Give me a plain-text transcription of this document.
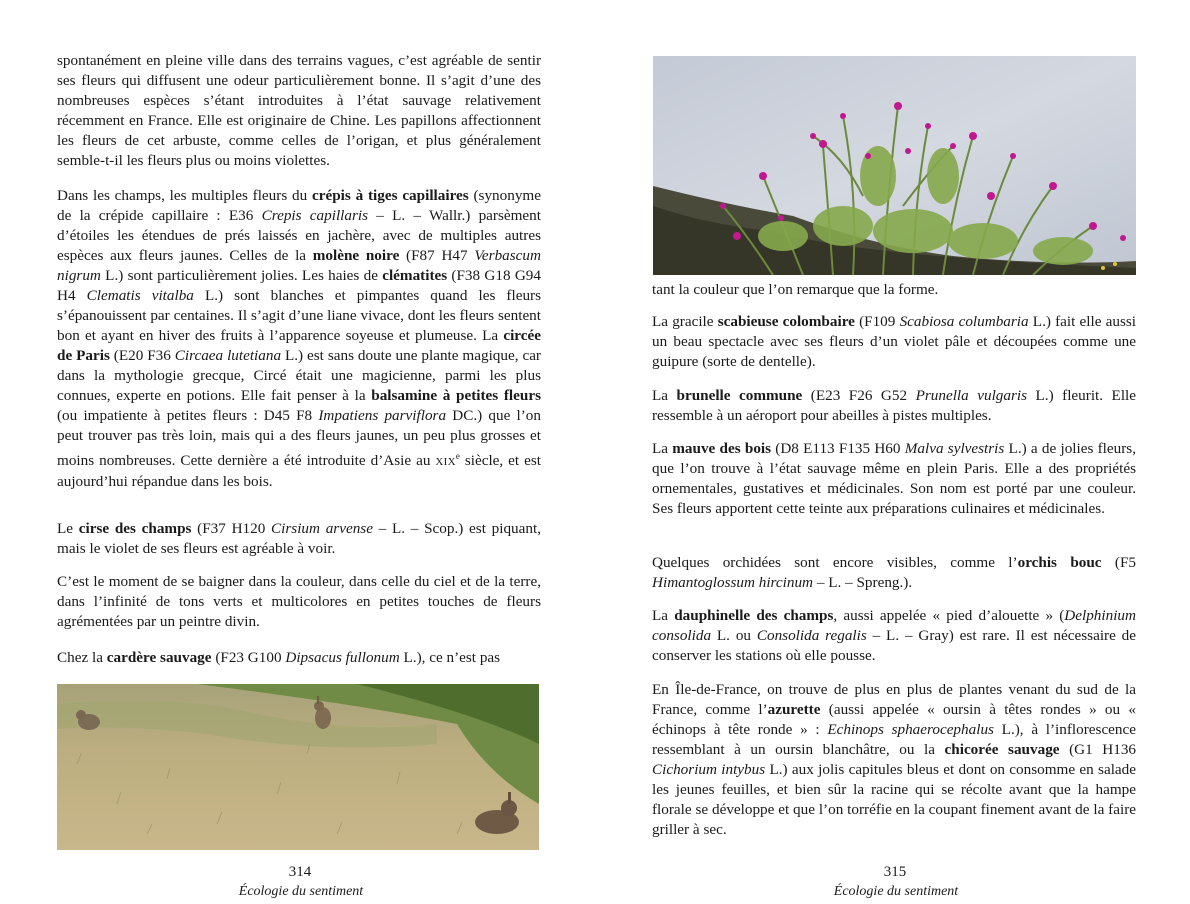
spontanément en pleine ville dans des terrains vagues, c’est agréable de sentir ses fleurs qui diffusent une odeur particulièrement bonne. Il s’agit d’une des nombreuses espèces s’étant introduites à l’état sauvage relativement récemment en France. Elle est originaire de Chine. Les papillons affectionnent les fleurs de cet arbuste, comme celles de l’origan, et plus généralement semble-t-il les fleurs plus ou moins violettes.

Dans les champs, les multiples fleurs du crépis à tiges capillaires (synonyme de la crépide capillaire : E36 Crepis capillaris – L. – Wallr.) parsèment d’étoiles les étendues de prés laissés en jachère, avec de multiples autres espèces aux fleurs jaunes. Celles de la molène noire (F87 H47 Verbascum nigrum L.) sont particulièrement jolies. Les haies de clématites (F38 G18 G94 H4 Clematis vitalba L.) sont blanches et pimpantes quand les fleurs s’épanouissent par centaines. Il s’agit d’une liane vivace, dont les fleurs sentent bon et ayant en hiver des fruits à l’apparence soyeuse et plumeuse. La circée de Paris (E20 F36 Circaea lutetiana L.) est sans doute une plante magique, car dans la mythologie grecque, Circé était une magicienne, parmi les plus connues, experte en potions. Elle fait penser à la balsamine à petites fleurs (ou impatiente à petites fleurs : D45 F8 Impatiens parviflora DC.) que l’on peut trouver pas très loin, mais qui a des fleurs jaunes, un peu plus grosses et moins nombreuses. Cette dernière a été introduite d’Asie au XIXe siècle, et est aujourd’hui répandue dans les bois.

Le cirse des champs (F37 H120 Cirsium arvense – L. – Scop.) est piquant, mais le violet de ses fleurs est agréable à voir.

C’est le moment de se baigner dans la couleur, dans celle du ciel et de la terre, dans l’infinité de tons verts et multicolores en petites touches de fleurs agrémentées par un peintre divin.

Chez la cardère sauvage (F23 G100 Dipsacus fullonum L.), ce n’est pas

314
Écologie du sentiment

tant la couleur que l’on remarque que la forme.

La gracile scabieuse colombaire (F109 Scabiosa columbaria L.) fait elle aussi un beau spectacle avec ses fleurs d’un violet pâle et découpées comme une guipure (sorte de dentelle).

La brunelle commune (E23 F26 G52 Prunella vulgaris L.) fleurit. Elle ressemble à un aéroport pour abeilles à pistes multiples.

La mauve des bois (D8 E113 F135 H60 Malva sylvestris L.) a de jolies fleurs, que l’on trouve à l’état sauvage même en plein Paris. Elle a des propriétés ornementales, gustatives et médicinales. Son nom est porté par une couleur. Ses fleurs apportent cette teinte aux préparations culinaires et médicinales.

Quelques orchidées sont encore visibles, comme l’orchis bouc (F5 Himantoglossum hircinum – L. – Spreng.).

La dauphinelle des champs, aussi appelée « pied d’alouette » (Delphinium consolida L. ou Consolida regalis – L. – Gray) est rare. Il est nécessaire de conserver les stations où elle pousse.

En Île-de-France, on trouve de plus en plus de plantes venant du sud de la France, comme l’azurette (aussi appelée « oursin à têtes rondes » ou « échinops à tête ronde » : Echinops sphaerocephalus L.), à l’inflorescence ressemblant à un oursin blanchâtre, ou la chicorée sauvage (G1 H136 Cichorium intybus L.) aux jolis capitules bleus et dont on consomme en salade les jeunes feuilles, et bien sûr la racine qui se récolte avant que la hampe florale se développe et que l’on torréfie en la coupant finement avant de la faire griller à sec.

315
Écologie du sentiment
